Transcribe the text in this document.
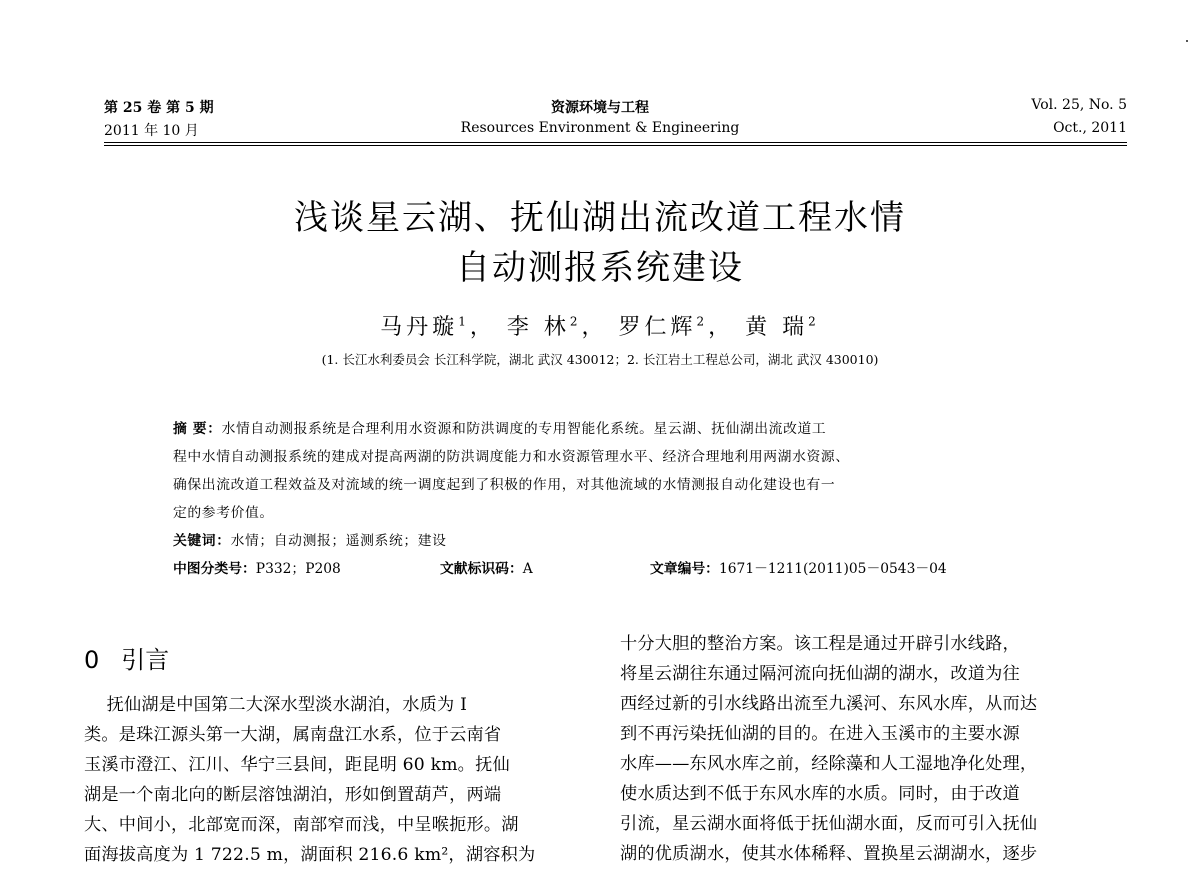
第 25 卷 第 5 期
2011 年 10 月
资源环境与工程
Resources Environment & Engineering
Vol. 25, No. 5
Oct., 2011
浅谈星云湖、抚仙湖出流改道工程水情
自动测报系统建设
马丹璇$^1$， 李 林$^2$， 罗仁辉$^2$， 黄 瑞$^2$
(1. 长江水利委员会 长江科学院，湖北 武汉 430012；2. 长江岩土工程总公司，湖北 武汉 430010)
摘 要：水情自动测报系统是合理利用水资源和防洪调度的专用智能化系统。星云湖、抚仙湖出流改道工
程中水情自动测报系统的建成对提高两湖的防洪调度能力和水资源管理水平、经济合理地利用两湖水资源、
确保出流改道工程效益及对流域的统一调度起到了积极的作用，对其他流域的水情测报自动化建设也有一
定的参考价值。
关键词：水情；自动测报；遥测系统；建设
中图分类号：P332；P208	文献标识码：A	文章编号：1671－1211(2011)05－0543－04
0 引言
抚仙湖是中国第二大深水型淡水湖泊，水质为 I
类。是珠江源头第一大湖，属南盘江水系，位于云南省
玉溪市澄江、江川、华宁三县间，距昆明 60 km。抚仙
湖是一个南北向的断层溶蚀湖泊，形如倒置葫芦，两端
大、中间小，北部宽而深，南部窄而浅，中呈喉扼形。湖
面海拔高度为 1 722.5 m，湖面积 216.6 km²，湖容积为
十分大胆的整治方案。该工程是通过开辟引水线路，
将星云湖往东通过隔河流向抚仙湖的湖水，改道为往
西经过新的引水线路出流至九溪河、东风水库，从而达
到不再污染抚仙湖的目的。在进入玉溪市的主要水源
水库——东风水库之前，经除藻和人工湿地净化处理，
使水质达到不低于东风水库的水质。同时，由于改道
引流，星云湖水面将低于抚仙湖水面，反而可引入抚仙
湖的优质湖水，使其水体稀释、置换星云湖湖水，逐步
